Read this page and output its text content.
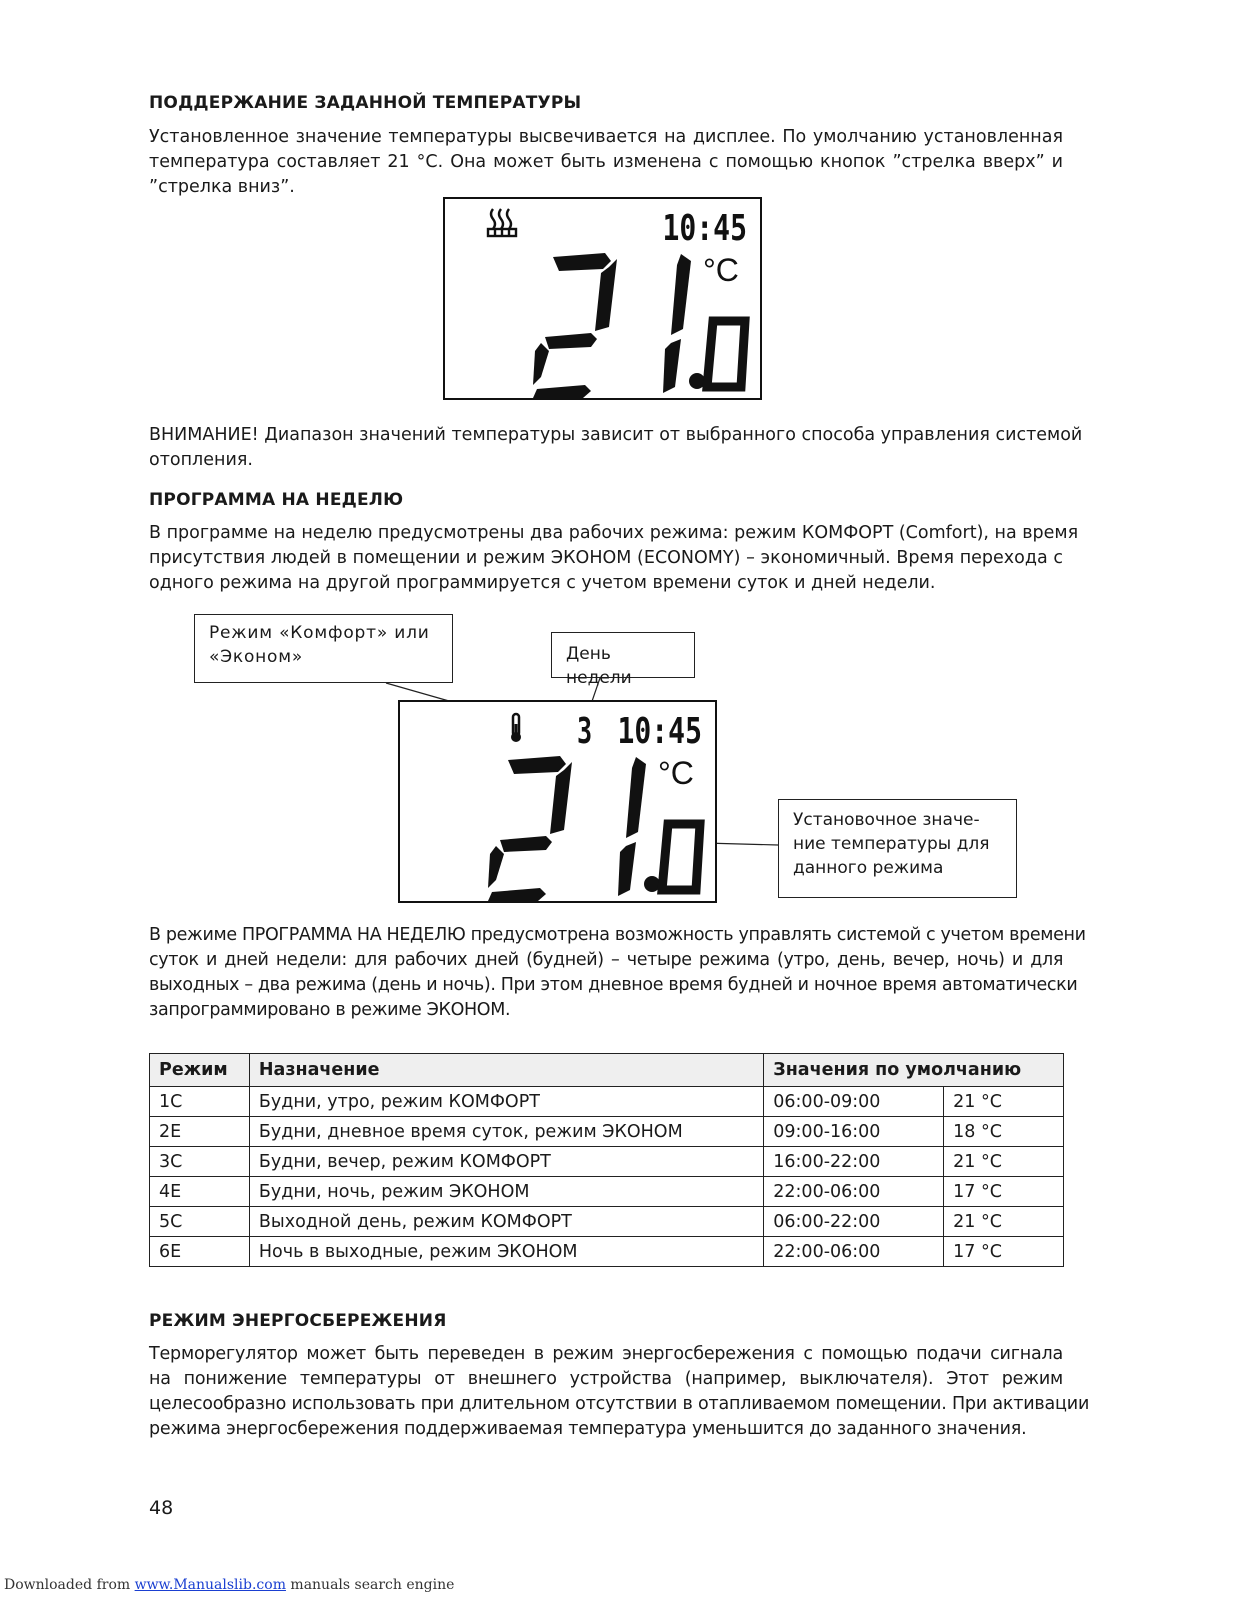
ПОДДЕРЖАНИЕ ЗАДАННОЙ ТЕМПЕРАТУРЫ
Установленное значение температуры высвечивается на дисплее. По умолчанию установленная
температура составляет 21 °С. Она может быть изменена с помощью кнопок ”стрелка вверх” и
”стрелка вниз”.
10:45
°C
ВНИМАНИЕ! Диапазон значений температуры зависит от выбранного способа управления системой
отопления.
ПРОГРАММА НА НЕДЕЛЮ
В программе на неделю предусмотрены два рабочих режима: режим КОМФОРТ (Comfort), на время
присутствия людей в помещении и режим ЭКОНОМ (ECONOMY) – экономичный. Время перехода с
одного режима на другой программируется с учетом времени суток и дней недели.
Режим «Комфорт» или
«Эконом»	День недели
Установочное значе-
ние температуры для
данного режима
3 10:45
°C
В режиме ПРОГРАММА НА НЕДЕЛЮ предусмотрена возможность управлять системой с учетом времени
суток и дней недели: для рабочих дней (будней) – четыре режима (утро, день, вечер, ночь) и для
выходных – два режима (день и ночь). При этом дневное время будней и ночное время автоматически
запрограммировано в режиме ЭКОНОМ.
Режим	Назначение	Значения по умолчанию	
1C	Будни, утро, режим КОМФОРТ	06:00-09:00	21 °C
2E	Будни, дневное время суток, режим ЭКОНОМ	09:00-16:00	18 °C
3C	Будни, вечер, режим КОМФОРТ	16:00-22:00	21 °C
4E	Будни, ночь, режим ЭКОНОМ	22:00-06:00	17 °C
5C	Выходной день, режим КОМФОРТ	06:00-22:00	21 °C
6E	Ночь в выходные, режим ЭКОНОМ	22:00-06:00	17 °C
РЕЖИМ ЭНЕРГОСБЕРЕЖЕНИЯ
Терморегулятор может быть переведен в режим энергосбережения с помощью подачи сигнала
на понижение температуры от внешнего устройства (например, выключателя). Этот режим
целесообразно использовать при длительном отсутствии в отапливаемом помещении. При активации
режима энергосбережения поддерживаемая температура уменьшится до заданного значения.
48
Downloaded from www.Manualslib.com manuals search engine
